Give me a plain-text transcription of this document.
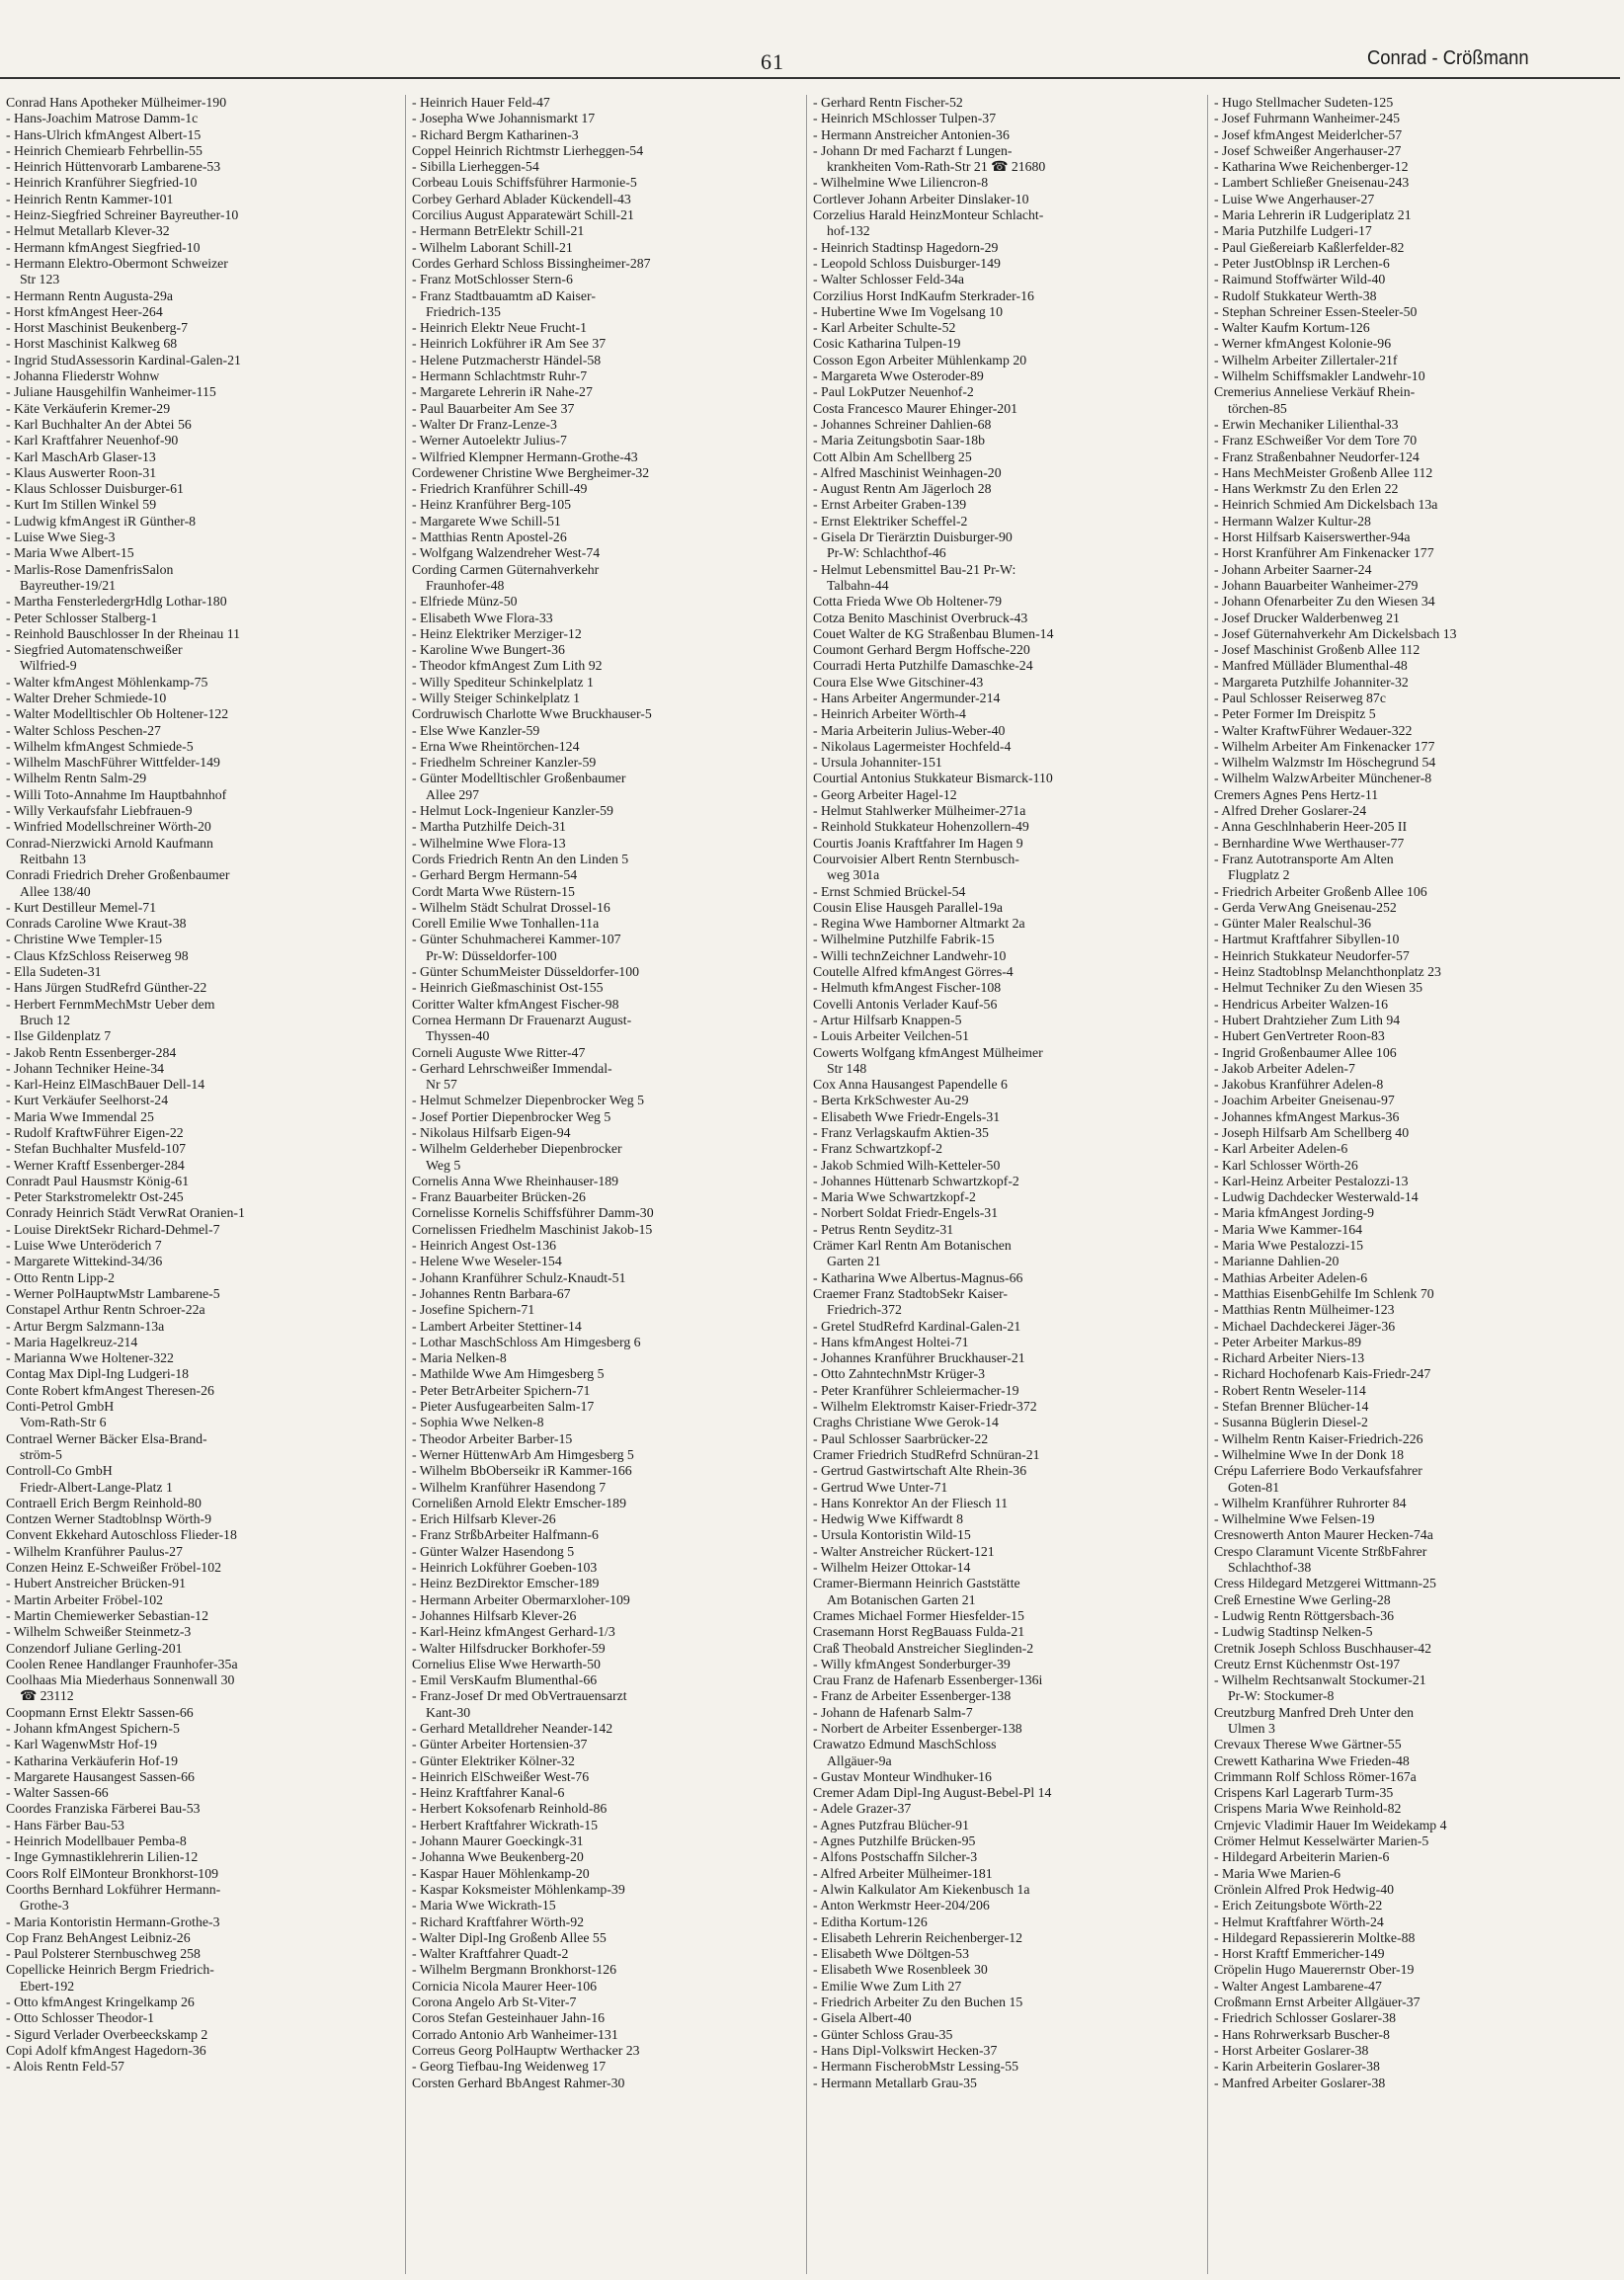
61	Conrad - Crößmann
Conrad Hans Apotheker Mülheimer-190
- Hans-Joachim Matrose Damm-1c
- Hans-Ulrich kfmAngest Albert-15
- Heinrich Chemiearb Fehrbellin-55
- Heinrich Hüttenvorarb Lambarene-53
- Heinrich Kranführer Siegfried-10
- Heinrich Rentn Kammer-101
- Heinz-Siegfried Schreiner Bayreuther-10
- Helmut Metallarb Klever-32
- Hermann kfmAngest Siegfried-10
- Hermann Elektro-Obermont Schweizer
Str 123
- Hermann Rentn Augusta-29a
- Horst kfmAngest Heer-264
- Horst Maschinist Beukenberg-7
- Horst Maschinist Kalkweg 68
- Ingrid StudAssessorin Kardinal-Galen-21
- Johanna Fliederstr Wohnw
- Juliane Hausgehilfin Wanheimer-115
- Käte Verkäuferin Kremer-29
- Karl Buchhalter An der Abtei 56
- Karl Kraftfahrer Neuenhof-90
- Karl MaschArb Glaser-13
- Klaus Auswerter Roon-31
- Klaus Schlosser Duisburger-61
- Kurt Im Stillen Winkel 59
- Ludwig kfmAngest iR Günther-8
- Luise Wwe Sieg-3
- Maria Wwe Albert-15
- Marlis-Rose DamenfrisSalon
Bayreuther-19/21
- Martha FensterledergrHdlg Lothar-180
- Peter Schlosser Stalberg-1
- Reinhold Bauschlosser In der Rheinau 11
- Siegfried Automatenschweißer
Wilfried-9
- Walter kfmAngest Möhlenkamp-75
- Walter Dreher Schmiede-10
- Walter Modelltischler Ob Holtener-122
- Walter Schloss Peschen-27
- Wilhelm kfmAngest Schmiede-5
- Wilhelm MaschFührer Wittfelder-149
- Wilhelm Rentn Salm-29
- Willi Toto-Annahme Im Hauptbahnhof
- Willy Verkaufsfahr Liebfrauen-9
- Winfried Modellschreiner Wörth-20
Conrad-Nierzwicki Arnold Kaufmann
Reitbahn 13
Conradi Friedrich Dreher Großenbaumer
Allee 138/40
- Kurt Destilleur Memel-71
Conrads Caroline Wwe Kraut-38
- Christine Wwe Templer-15
- Claus KfzSchloss Reiserweg 98
- Ella Sudeten-31
- Hans Jürgen StudRefrd Günther-22
- Herbert FernmMechMstr Ueber dem
Bruch 12
- Ilse Gildenplatz 7
- Jakob Rentn Essenberger-284
- Johann Techniker Heine-34
- Karl-Heinz ElMaschBauer Dell-14
- Kurt Verkäufer Seelhorst-24
- Maria Wwe Immendal 25
- Rudolf KraftwFührer Eigen-22
- Stefan Buchhalter Musfeld-107
- Werner Kraftf Essenberger-284
Conradt Paul Hausmstr König-61
- Peter Starkstromelektr Ost-245
Conrady Heinrich Städt VerwRat Oranien-1
- Louise DirektSekr Richard-Dehmel-7
- Luise Wwe Unteröderich 7
- Margarete Wittekind-34/36
- Otto Rentn Lipp-2
- Werner PolHauptwMstr Lambarene-5
Constapel Arthur Rentn Schroer-22a
- Artur Bergm Salzmann-13a
- Maria Hagelkreuz-214
- Marianna Wwe Holtener-322
Contag Max Dipl-Ing Ludgeri-18
Conte Robert kfmAngest Theresen-26
Conti-Petrol GmbH
Vom-Rath-Str 6
Contrael Werner Bäcker Elsa-Brand-
ström-5
Controll-Co GmbH
Friedr-Albert-Lange-Platz 1
Contraell Erich Bergm Reinhold-80
Contzen Werner Stadtoblnsp Wörth-9
Convent Ekkehard Autoschloss Flieder-18
- Wilhelm Kranführer Paulus-27
Conzen Heinz E-Schweißer Fröbel-102
- Hubert Anstreicher Brücken-91
- Martin Arbeiter Fröbel-102
- Martin Chemiewerker Sebastian-12
- Wilhelm Schweißer Steinmetz-3
Conzendorf Juliane Gerling-201
Coolen Renee Handlanger Fraunhofer-35a
Coolhaas Mia Miederhaus Sonnenwall 30
☎ 23112
Coopmann Ernst Elektr Sassen-66
- Johann kfmAngest Spichern-5
- Karl WagenwMstr Hof-19
- Katharina Verkäuferin Hof-19
- Margarete Hausangest Sassen-66
- Walter Sassen-66
Coordes Franziska Färberei Bau-53
- Hans Färber Bau-53
- Heinrich Modellbauer Pemba-8
- Inge Gymnastiklehrerin Lilien-12
Coors Rolf ElMonteur Bronkhorst-109
Coorths Bernhard Lokführer Hermann-
Grothe-3
- Maria Kontoristin Hermann-Grothe-3
Cop Franz BehAngest Leibniz-26
- Paul Polsterer Sternbuschweg 258
Copellicke Heinrich Bergm Friedrich-
Ebert-192
- Otto kfmAngest Kringelkamp 26
- Otto Schlosser Theodor-1
- Sigurd Verlader Overbeeckskamp 2
Copi Adolf kfmAngest Hagedorn-36
- Alois Rentn Feld-57
- Heinrich Hauer Feld-47
- Josepha Wwe Johannismarkt 17
- Richard Bergm Katharinen-3
Coppel Heinrich Richtmstr Lierheggen-54
- Sibilla Lierheggen-54
Corbeau Louis Schiffsführer Harmonie-5
Corbey Gerhard Ablader Kückendell-43
Corcilius August Apparatewärt Schill-21
- Hermann BetrElektr Schill-21
- Wilhelm Laborant Schill-21
Cordes Gerhard Schloss Bissingheimer-287
- Franz MotSchlosser Stern-6
- Franz Stadtbauamtm aD Kaiser-
Friedrich-135
- Heinrich Elektr Neue Frucht-1
- Heinrich Lokführer iR Am See 37
- Helene Putzmacherstr Händel-58
- Hermann Schlachtmstr Ruhr-7
- Margarete Lehrerin iR Nahe-27
- Paul Bauarbeiter Am See 37
- Walter Dr Franz-Lenze-3
- Werner Autoelektr Julius-7
- Wilfried Klempner Hermann-Grothe-43
Cordewener Christine Wwe Bergheimer-32
- Friedrich Kranführer Schill-49
- Heinz Kranführer Berg-105
- Margarete Wwe Schill-51
- Matthias Rentn Apostel-26
- Wolfgang Walzendreher West-74
Cording Carmen Güternahverkehr
Fraunhofer-48
- Elfriede Münz-50
- Elisabeth Wwe Flora-33
- Heinz Elektriker Merziger-12
- Karoline Wwe Bungert-36
- Theodor kfmAngest Zum Lith 92
- Willy Spediteur Schinkelplatz 1
- Willy Steiger Schinkelplatz 1
Cordruwisch Charlotte Wwe Bruckhauser-5
- Else Wwe Kanzler-59
- Erna Wwe Rheintörchen-124
- Friedhelm Schreiner Kanzler-59
- Günter Modelltischler Großenbaumer
Allee 297
- Helmut Lock-Ingenieur Kanzler-59
- Martha Putzhilfe Deich-31
- Wilhelmine Wwe Flora-13
Cords Friedrich Rentn An den Linden 5
- Gerhard Bergm Hermann-54
Cordt Marta Wwe Rüstern-15
- Wilhelm Städt Schulrat Drossel-16
Corell Emilie Wwe Tonhallen-11a
- Günter Schuhmacherei Kammer-107
Pr-W: Düsseldorfer-100
- Günter SchumMeister Düsseldorfer-100
- Heinrich Gießmaschinist Ost-155
Coritter Walter kfmAngest Fischer-98
Cornea Hermann Dr Frauenarzt August-
Thyssen-40
Corneli Auguste Wwe Ritter-47
- Gerhard Lehrschweißer Immendal-
Nr 57
- Helmut Schmelzer Diepenbrocker Weg 5
- Josef Portier Diepenbrocker Weg 5
- Nikolaus Hilfsarb Eigen-94
- Wilhelm Gelderheber Diepenbrocker
Weg 5
Cornelis Anna Wwe Rheinhauser-189
- Franz Bauarbeiter Brücken-26
Cornelisse Kornelis Schiffsführer Damm-30
Cornelissen Friedhelm Maschinist Jakob-15
- Heinrich Angest Ost-136
- Helene Wwe Weseler-154
- Johann Kranführer Schulz-Knaudt-51
- Johannes Rentn Barbara-67
- Josefine Spichern-71
- Lambert Arbeiter Stettiner-14
- Lothar MaschSchloss Am Himgesberg 6
- Maria Nelken-8
- Mathilde Wwe Am Himgesberg 5
- Peter BetrArbeiter Spichern-71
- Pieter Ausfugearbeiten Salm-17
- Sophia Wwe Nelken-8
- Theodor Arbeiter Barber-15
- Werner HüttenwArb Am Himgesberg 5
- Wilhelm BbOberseikr iR Kammer-166
- Wilhelm Kranführer Hasendong 7
Cornelißen Arnold Elektr Emscher-189
- Erich Hilfsarb Klever-26
- Franz StrßbArbeiter Halfmann-6
- Günter Walzer Hasendong 5
- Heinrich Lokführer Goeben-103
- Heinz BezDirektor Emscher-189
- Hermann Arbeiter Obermarxloher-109
- Johannes Hilfsarb Klever-26
- Karl-Heinz kfmAngest Gerhard-1/3
- Walter Hilfsdrucker Borkhofer-59
Cornelius Elise Wwe Herwarth-50
- Emil VersKaufm Blumenthal-66
- Franz-Josef Dr med ObVertrauensarzt
Kant-30
- Gerhard Metalldreher Neander-142
- Günter Arbeiter Hortensien-37
- Günter Elektriker Kölner-32
- Heinrich ElSchweißer West-76
- Heinz Kraftfahrer Kanal-6
- Herbert Koksofenarb Reinhold-86
- Herbert Kraftfahrer Wickrath-15
- Johann Maurer Goeckingk-31
- Johanna Wwe Beukenberg-20
- Kaspar Hauer Möhlenkamp-20
- Kaspar Koksmeister Möhlenkamp-39
- Maria Wwe Wickrath-15
- Richard Kraftfahrer Wörth-92
- Walter Dipl-Ing Großenb Allee 55
- Walter Kraftfahrer Quadt-2
- Wilhelm Bergmann Bronkhorst-126
Cornicia Nicola Maurer Heer-106
Corona Angelo Arb St-Viter-7
Coros Stefan Gesteinhauer Jahn-16
Corrado Antonio Arb Wanheimer-131
Correus Georg PolHauptw Werthacker 23
- Georg Tiefbau-Ing Weidenweg 17
Corsten Gerhard BbAngest Rahmer-30
- Gerhard Rentn Fischer-52
- Heinrich MSchlosser Tulpen-37
- Hermann Anstreicher Antonien-36
- Johann Dr med Facharzt f Lungen-
krankheiten Vom-Rath-Str 21 ☎ 21680
- Wilhelmine Wwe Liliencron-8
Cortlever Johann Arbeiter Dinslaker-10
Corzelius Harald HeinzMonteur Schlacht-
hof-132
- Heinrich Stadtinsp Hagedorn-29
- Leopold Schloss Duisburger-149
- Walter Schlosser Feld-34a
Corzilius Horst IndKaufm Sterkrader-16
- Hubertine Wwe Im Vogelsang 10
- Karl Arbeiter Schulte-52
Cosic Katharina Tulpen-19
Cosson Egon Arbeiter Mühlenkamp 20
- Margareta Wwe Osteroder-89
- Paul LokPutzer Neuenhof-2
Costa Francesco Maurer Ehinger-201
- Johannes Schreiner Dahlien-68
- Maria Zeitungsbotin Saar-18b
Cott Albin Am Schellberg 25
- Alfred Maschinist Weinhagen-20
- August Rentn Am Jägerloch 28
- Ernst Arbeiter Graben-139
- Ernst Elektriker Scheffel-2
- Gisela Dr Tierärztin Duisburger-90
Pr-W: Schlachthof-46
- Helmut Lebensmittel Bau-21 Pr-W:
Talbahn-44
Cotta Frieda Wwe Ob Holtener-79
Cotza Benito Maschinist Overbruck-43
Couet Walter de KG Straßenbau Blumen-14
Coumont Gerhard Bergm Hoffsche-220
Courradi Herta Putzhilfe Damaschke-24
Coura Else Wwe Gitschiner-43
- Hans Arbeiter Angermunder-214
- Heinrich Arbeiter Wörth-4
- Maria Arbeiterin Julius-Weber-40
- Nikolaus Lagermeister Hochfeld-4
- Ursula Johanniter-151
Courtial Antonius Stukkateur Bismarck-110
- Georg Arbeiter Hagel-12
- Helmut Stahlwerker Mülheimer-271a
- Reinhold Stukkateur Hohenzollern-49
Courtis Joanis Kraftfahrer Im Hagen 9
Courvoisier Albert Rentn Sternbusch-
weg 301a
- Ernst Schmied Brückel-54
Cousin Elise Hausgeh Parallel-19a
- Regina Wwe Hamborner Altmarkt 2a
- Wilhelmine Putzhilfe Fabrik-15
- Willi technZeichner Landwehr-10
Coutelle Alfred kfmAngest Görres-4
- Helmuth kfmAngest Fischer-108
Covelli Antonis Verlader Kauf-56
- Artur Hilfsarb Knappen-5
- Louis Arbeiter Veilchen-51
Cowerts Wolfgang kfmAngest Mülheimer
Str 148
Cox Anna Hausangest Papendelle 6
- Berta KrkSchwester Au-29
- Elisabeth Wwe Friedr-Engels-31
- Franz Verlagskaufm Aktien-35
- Franz Schwartzkopf-2
- Jakob Schmied Wilh-Ketteler-50
- Johannes Hüttenarb Schwartzkopf-2
- Maria Wwe Schwartzkopf-2
- Norbert Soldat Friedr-Engels-31
- Petrus Rentn Seyditz-31
Crämer Karl Rentn Am Botanischen
Garten 21
- Katharina Wwe Albertus-Magnus-66
Craemer Franz StadtobSekr Kaiser-
Friedrich-372
- Gretel StudRefrd Kardinal-Galen-21
- Hans kfmAngest Holtei-71
- Johannes Kranführer Bruckhauser-21
- Otto ZahntechnMstr Krüger-3
- Peter Kranführer Schleiermacher-19
- Wilhelm Elektromstr Kaiser-Friedr-372
Craghs Christiane Wwe Gerok-14
- Paul Schlosser Saarbrücker-22
Cramer Friedrich StudRefrd Schnüran-21
- Gertrud Gastwirtschaft Alte Rhein-36
- Gertrud Wwe Unter-71
- Hans Konrektor An der Fliesch 11
- Hedwig Wwe Kiffwardt 8
- Ursula Kontoristin Wild-15
- Walter Anstreicher Rückert-121
- Wilhelm Heizer Ottokar-14
Cramer-Biermann Heinrich Gaststätte
Am Botanischen Garten 21
Crames Michael Former Hiesfelder-15
Crasemann Horst RegBauass Fulda-21
Craß Theobald Anstreicher Sieglinden-2
- Willy kfmAngest Sonderburger-39
Crau Franz de Hafenarb Essenberger-136i
- Franz de Arbeiter Essenberger-138
- Johann de Hafenarb Salm-7
- Norbert de Arbeiter Essenberger-138
Crawatzo Edmund MaschSchloss
Allgäuer-9a
- Gustav Monteur Windhuker-16
Cremer Adam Dipl-Ing August-Bebel-Pl 14
- Adele Grazer-37
- Agnes Putzfrau Blücher-91
- Agnes Putzhilfe Brücken-95
- Alfons Postschaffn Silcher-3
- Alfred Arbeiter Mülheimer-181
- Alwin Kalkulator Am Kiekenbusch 1a
- Anton Werkmstr Heer-204/206
- Editha Kortum-126
- Elisabeth Lehrerin Reichenberger-12
- Elisabeth Wwe Döltgen-53
- Elisabeth Wwe Rosenbleek 30
- Emilie Wwe Zum Lith 27
- Friedrich Arbeiter Zu den Buchen 15
- Gisela Albert-40
- Günter Schloss Grau-35
- Hans Dipl-Volkswirt Hecken-37
- Hermann FischerobMstr Lessing-55
- Hermann Metallarb Grau-35
- Hugo Stellmacher Sudeten-125
- Josef Fuhrmann Wanheimer-245
- Josef kfmAngest Meiderlcher-57
- Josef Schweißer Angerhauser-27
- Katharina Wwe Reichenberger-12
- Lambert Schließer Gneisenau-243
- Luise Wwe Angerhauser-27
- Maria Lehrerin iR Ludgeriplatz 21
- Maria Putzhilfe Ludgeri-17
- Paul Gießereiarb Kaßlerfelder-82
- Peter JustOblnsp iR Lerchen-6
- Raimund Stoffwärter Wild-40
- Rudolf Stukkateur Werth-38
- Stephan Schreiner Essen-Steeler-50
- Walter Kaufm Kortum-126
- Werner kfmAngest Kolonie-96
- Wilhelm Arbeiter Zillertaler-21f
- Wilhelm Schiffsmakler Landwehr-10
Cremerius Anneliese Verkäuf Rhein-
törchen-85
- Erwin Mechaniker Lilienthal-33
- Franz ESchweißer Vor dem Tore 70
- Franz Straßenbahner Neudorfer-124
- Hans MechMeister Großenb Allee 112
- Hans Werkmstr Zu den Erlen 22
- Heinrich Schmied Am Dickelsbach 13a
- Hermann Walzer Kultur-28
- Horst Hilfsarb Kaiserswerther-94a
- Horst Kranführer Am Finkenacker 177
- Johann Arbeiter Saarner-24
- Johann Bauarbeiter Wanheimer-279
- Johann Ofenarbeiter Zu den Wiesen 34
- Josef Drucker Walderbenweg 21
- Josef Güternahverkehr Am Dickelsbach 13
- Josef Maschinist Großenb Allee 112
- Manfred Mülläder Blumenthal-48
- Margareta Putzhilfe Johanniter-32
- Paul Schlosser Reiserweg 87c
- Peter Former Im Dreispitz 5
- Walter KraftwFührer Wedauer-322
- Wilhelm Arbeiter Am Finkenacker 177
- Wilhelm Walzmstr Im Höschegrund 54
- Wilhelm WalzwArbeiter Münchener-8
Cremers Agnes Pens Hertz-11
- Alfred Dreher Goslarer-24
- Anna Geschlnhaberin Heer-205 II
- Bernhardine Wwe Werthauser-77
- Franz Autotransporte Am Alten
Flugplatz 2
- Friedrich Arbeiter Großenb Allee 106
- Gerda VerwAng Gneisenau-252
- Günter Maler Realschul-36
- Hartmut Kraftfahrer Sibyllen-10
- Heinrich Stukkateur Neudorfer-57
- Heinz Stadtoblnsp Melanchthonplatz 23
- Helmut Techniker Zu den Wiesen 35
- Hendricus Arbeiter Walzen-16
- Hubert Drahtzieher Zum Lith 94
- Hubert GenVertreter Roon-83
- Ingrid Großenbaumer Allee 106
- Jakob Arbeiter Adelen-7
- Jakobus Kranführer Adelen-8
- Joachim Arbeiter Gneisenau-97
- Johannes kfmAngest Markus-36
- Joseph Hilfsarb Am Schellberg 40
- Karl Arbeiter Adelen-6
- Karl Schlosser Wörth-26
- Karl-Heinz Arbeiter Pestalozzi-13
- Ludwig Dachdecker Westerwald-14
- Maria kfmAngest Jording-9
- Maria Wwe Kammer-164
- Maria Wwe Pestalozzi-15
- Marianne Dahlien-20
- Mathias Arbeiter Adelen-6
- Matthias EisenbGehilfe Im Schlenk 70
- Matthias Rentn Mülheimer-123
- Michael Dachdeckerei Jäger-36
- Peter Arbeiter Markus-89
- Richard Arbeiter Niers-13
- Richard Hochofenarb Kais-Friedr-247
- Robert Rentn Weseler-114
- Stefan Brenner Blücher-14
- Susanna Büglerin Diesel-2
- Wilhelm Rentn Kaiser-Friedrich-226
- Wilhelmine Wwe In der Donk 18
Crépu Laferriere Bodo Verkaufsfahrer
Goten-81
- Wilhelm Kranführer Ruhrorter 84
- Wilhelmine Wwe Felsen-19
Cresnowerth Anton Maurer Hecken-74a
Crespo Claramunt Vicente StrßbFahrer
Schlachthof-38
Cress Hildegard Metzgerei Wittmann-25
Creß Ernestine Wwe Gerling-28
- Ludwig Rentn Röttgersbach-36
- Ludwig Stadtinsp Nelken-5
Cretnik Joseph Schloss Buschhauser-42
Creutz Ernst Küchenmstr Ost-197
- Wilhelm Rechtsanwalt Stockumer-21
Pr-W: Stockumer-8
Creutzburg Manfred Dreh Unter den
Ulmen 3
Crevaux Therese Wwe Gärtner-55
Crewett Katharina Wwe Frieden-48
Crimmann Rolf Schloss Römer-167a
Crispens Karl Lagerarb Turm-35
Crispens Maria Wwe Reinhold-82
Crnjevic Vladimir Hauer Im Weidekamp 4
Crömer Helmut Kesselwärter Marien-5
- Hildegard Arbeiterin Marien-6
- Maria Wwe Marien-6
Crönlein Alfred Prok Hedwig-40
- Erich Zeitungsbote Wörth-22
- Helmut Kraftfahrer Wörth-24
- Hildegard Repassiererin Moltke-88
- Horst Kraftf Emmericher-149
Cröpelin Hugo Mauerernstr Ober-19
- Walter Angest Lambarene-47
Croßmann Ernst Arbeiter Allgäuer-37
- Friedrich Schlosser Goslarer-38
- Hans Rohrwerksarb Buscher-8
- Horst Arbeiter Goslarer-38
- Karin Arbeiterin Goslarer-38
- Manfred Arbeiter Goslarer-38
